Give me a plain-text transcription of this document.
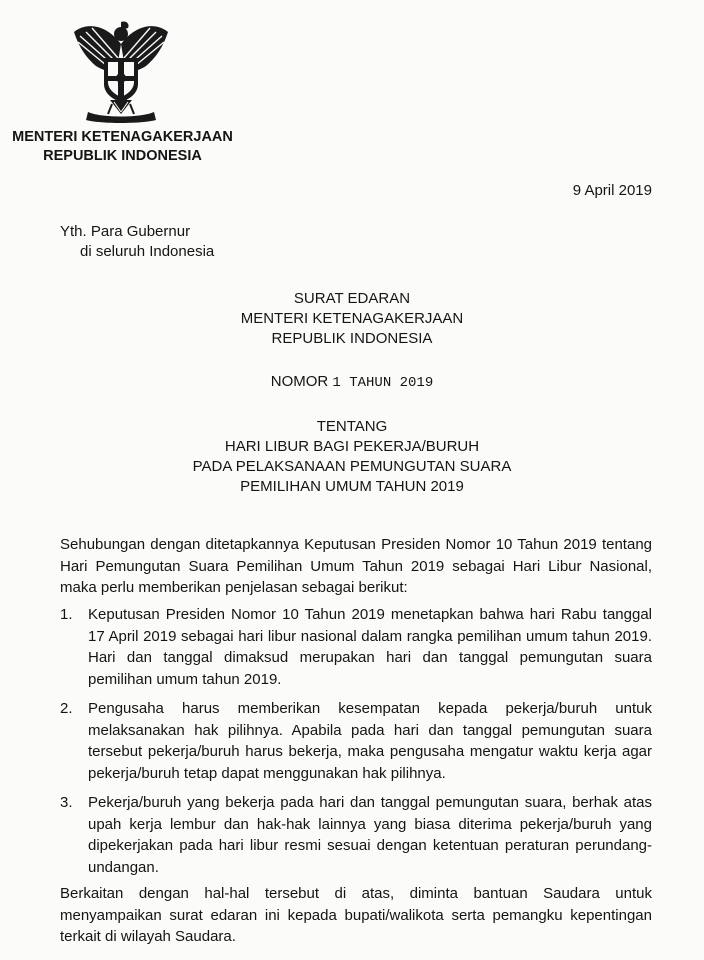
MENTERI KETENAGAKERJAAN
REPUBLIK INDONESIA
9 April 2019
Yth. Para Gubernur
di seluruh Indonesia
SURAT EDARAN
MENTERI KETENAGAKERJAAN
REPUBLIK INDONESIA
NOMOR 1 TAHUN 2019
TENTANG
HARI LIBUR BAGI PEKERJA/BURUH
PADA PELAKSANAAN PEMUNGUTAN SUARA
PEMILIHAN UMUM TAHUN 2019

Sehubungan dengan ditetapkannya Keputusan Presiden Nomor 10 Tahun 2019 tentang Hari Pemungutan Suara Pemilihan Umum Tahun 2019 sebagai Hari Libur Nasional, maka perlu memberikan penjelasan sebagai berikut:

1. Keputusan Presiden Nomor 10 Tahun 2019 menetapkan bahwa hari Rabu tanggal 17 April 2019 sebagai hari libur nasional dalam rangka pemilihan umum tahun 2019. Hari dan tanggal dimaksud merupakan hari dan tanggal pemungutan suara pemilihan umum tahun 2019.
2. Pengusaha harus memberikan kesempatan kepada pekerja/buruh untuk melaksanakan hak pilihnya. Apabila pada hari dan tanggal pemungutan suara tersebut pekerja/buruh harus bekerja, maka pengusaha mengatur waktu kerja agar pekerja/buruh tetap dapat menggunakan hak pilihnya.
3. Pekerja/buruh yang bekerja pada hari dan tanggal pemungutan suara, berhak atas upah kerja lembur dan hak-hak lainnya yang biasa diterima pekerja/buruh yang dipekerjakan pada hari libur resmi sesuai dengan ketentuan peraturan perundang-undangan.

Berkaitan dengan hal-hal tersebut di atas, diminta bantuan Saudara untuk menyampaikan surat edaran ini kepada bupati/walikota serta pemangku kepentingan terkait di wilayah Saudara.
